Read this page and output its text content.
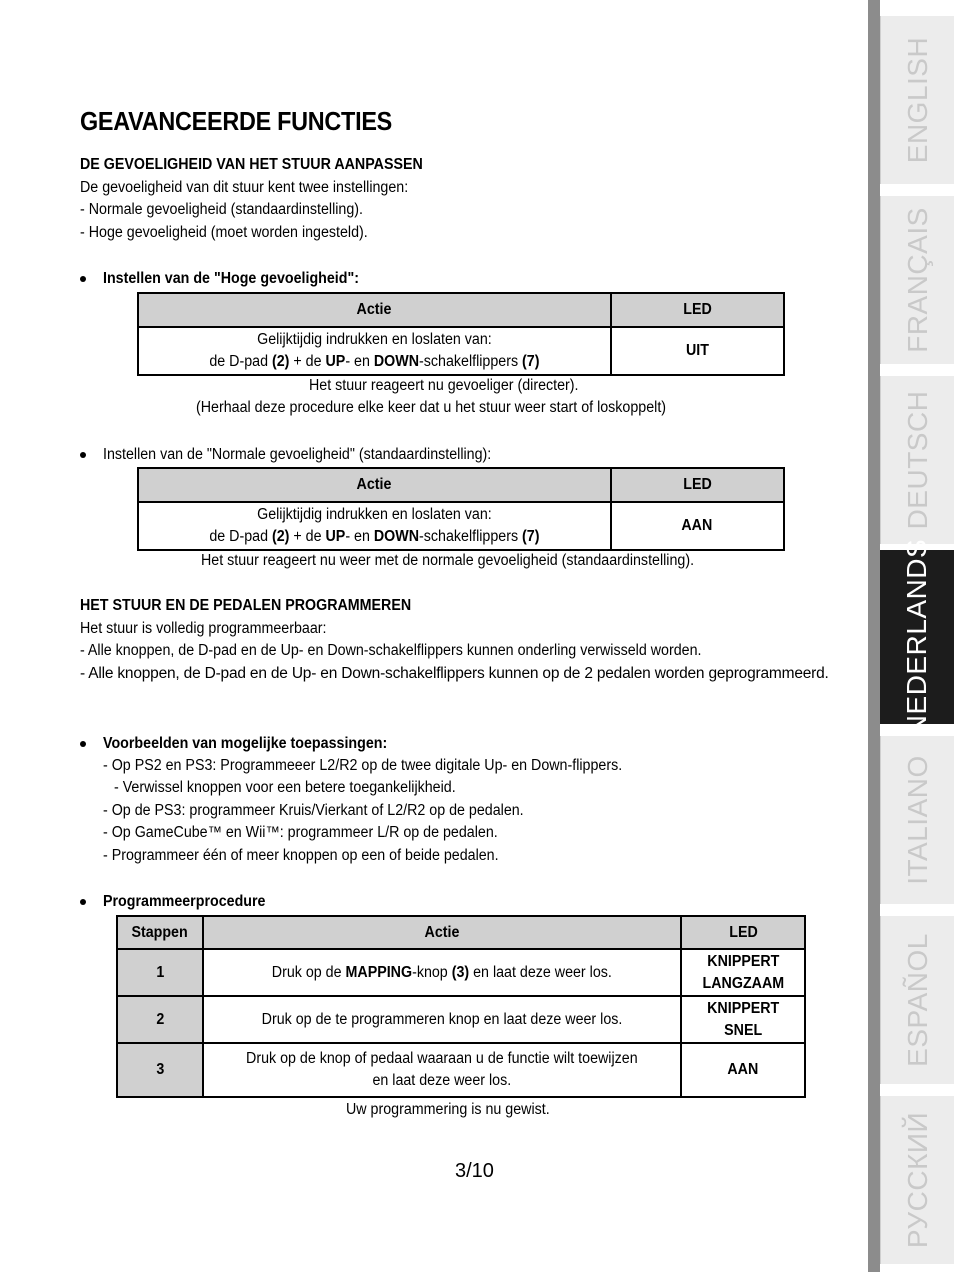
GEAVANCEERDE FUNCTIES
DE GEVOELIGHEID VAN HET STUUR AANPASSEN
De gevoeligheid van dit stuur kent twee instellingen:
- Normale gevoeligheid (standaardinstelling).
- Hoge gevoeligheid (moet worden ingesteld).
Instellen van de "Hoge gevoeligheid":
Actie	LED
Gelijktijdig indrukken en loslaten van:
de D-pad (2) + de UP- en DOWN-schakelflippers (7)	UIT
Het stuur reageert nu gevoeliger (directer).
(Herhaal deze procedure elke keer dat u het stuur weer start of loskoppelt)
Instellen van de "Normale gevoeligheid" (standaardinstelling):
Actie	LED
Gelijktijdig indrukken en loslaten van:
de D-pad (2) + de UP- en DOWN-schakelflippers (7)	AAN
Het stuur reageert nu weer met de normale gevoeligheid (standaardinstelling).
HET STUUR EN DE PEDALEN PROGRAMMEREN
Het stuur is volledig programmeerbaar:
- Alle knoppen, de D-pad en de Up- en Down-schakelflippers kunnen onderling verwisseld worden.
- Alle knoppen, de D-pad en de Up- en Down-schakelflippers kunnen op de 2 pedalen worden geprogrammeerd.
Voorbeelden van mogelijke toepassingen:
- Op PS2 en PS3: Programmeeer L2/R2 op de twee digitale Up- en Down-flippers.
- Verwissel knoppen voor een betere toegankelijkheid.
- Op de PS3: programmeer Kruis/Vierkant of L2/R2 op de pedalen.
- Op GameCube™ en Wii™: programmeer L/R op de pedalen.
- Programmeer één of meer knoppen op een of beide pedalen.
Programmeerprocedure
Stappen	Actie	LED
1	Druk op de MAPPING-knop (3) en laat deze weer los.	KNIPPERT
LANGZAAM
2	Druk op de te programmeren knop en laat deze weer los.	KNIPPERT
SNEL
3	Druk op de knop of pedaal waaraan u de functie wilt toewijzen
en laat deze weer los.	AAN
Uw programmering is nu gewist.
3/10
ENGLISH
FRANÇAIS
DEUTSCH
NEDERLANDS
ITALIANO
ESPAÑOL
РУССКИЙ
